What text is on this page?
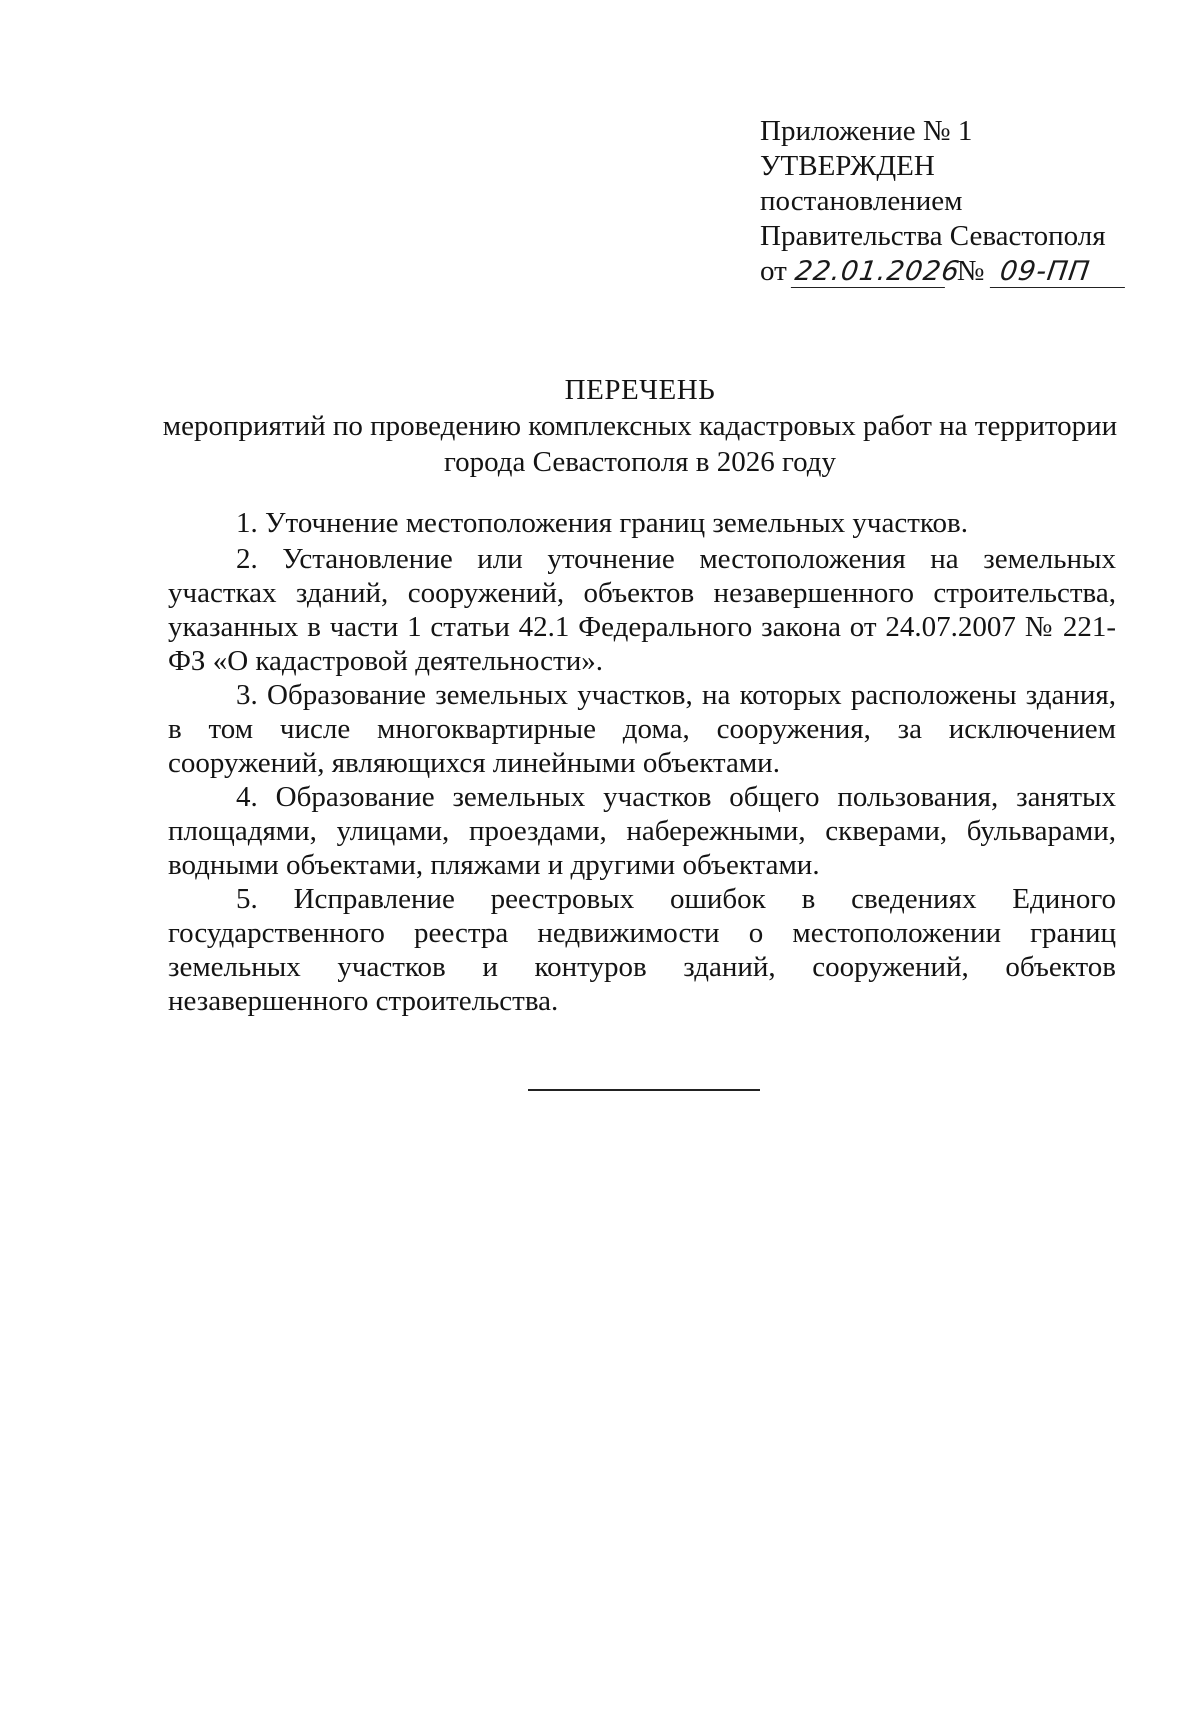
Приложение № 1
УТВЕРЖДЕН
постановлением
Правительства Севастополя
от 22.01.2026
№ 09-ПП
ПЕРЕЧЕНЬ
мероприятий по проведению комплексных кадастровых работ на территории
города Севастополя в 2026 году

1. Уточнение местоположения границ земельных участков.

2. Установление или уточнение местоположения на земельных участках зданий, сооружений, объектов незавершенного строительства, указанных в части 1 статьи 42.1 Федерального закона от 24.07.2007 № 221-ФЗ «О кадастровой деятельности».

3. Образование земельных участков, на которых расположены здания, в том числе многоквартирные дома, сооружения, за исключением сооружений, являющихся линейными объектами.

4. Образование земельных участков общего пользования, занятых площадями, улицами, проездами, набережными, скверами, бульварами, водными объектами, пляжами и другими объектами.

5. Исправление реестровых ошибок в сведениях Единого государственного реестра недвижимости о местоположении границ земельных участков и контуров зданий, сооружений, объектов незавершенного строительства.
